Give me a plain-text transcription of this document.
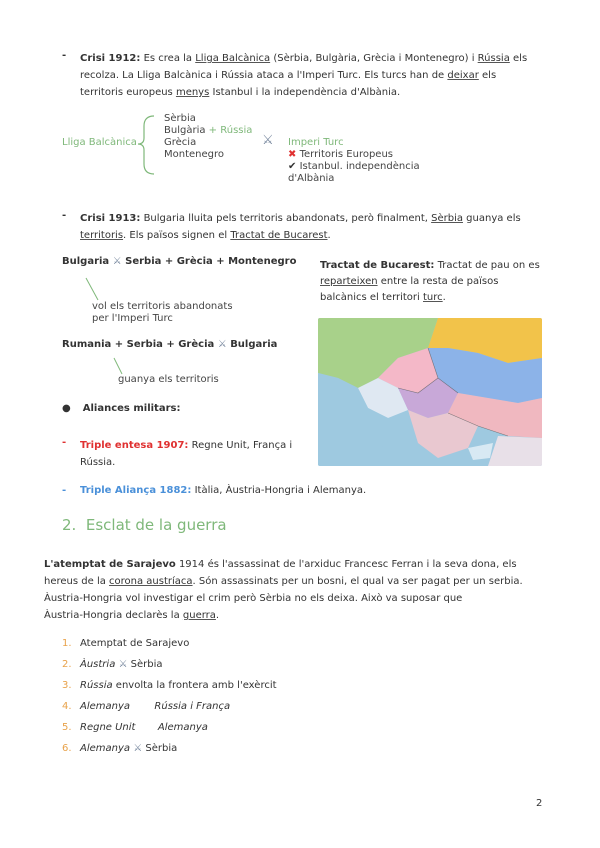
- Crisi 1912: Es crea la Lliga Balcànica (Sèrbia, Bulgària, Grècia i Montenegro) i Rússia els
recolza. La Lliga Balcànica i Rússia ataca a l'Imperi Turc. Els turcs han de deixar els
territoris europeus menys Istanbul i la independència d'Albània.
Lliga Balcànica
Sèrbia
Bulgària + Rússia
Grècia
Montenegro
⚔ Imperi Turc
✖ Territoris Europeus
✔ Istanbul. independència
d'Albània
- Crisi 1913: Bulgaria lluita pels territoris abandonats, però finalment, Sèrbia guanya els
territoris. Els països signen el Tractat de Bucarest.
Bulgaria ⚔ Serbia + Grècia + Montenegro
vol els territoris abandonats
per l'Imperi Turc
Rumania + Serbia + Grècia ⚔ Bulgaria
guanya els territoris
Tractat de Bucarest: Tractat de pau on es
reparteixen entre la resta de països
balcànics el territori turc.
● Aliances militars:
- Triple entesa 1907: Regne Unit, França i
Rússia.
- Triple Aliança 1882: Itàlia, Àustria-Hongria i Alemanya.
2. Esclat de la guerra
L'atemptat de Sarajevo 1914 és l'assassinat de l'arxiduc Francesc Ferran i la seva dona, els
hereus de la corona austríaca. Són assassinats per un bosni, el qual va ser pagat per un serbia.
Àustria-Hongria vol investigar el crim però Sèrbia no els deixa. Això va suposar que
Àustria-Hongria declarès la guerra.
1. Atemptat de Sarajevo
2. Àustria ⚔ Sèrbia
3. Rússia envolta la frontera amb l'exèrcit
4. Alemanya Rússia i França
5. Regne Unit Alemanya
6. Alemanya ⚔ Sèrbia
2
